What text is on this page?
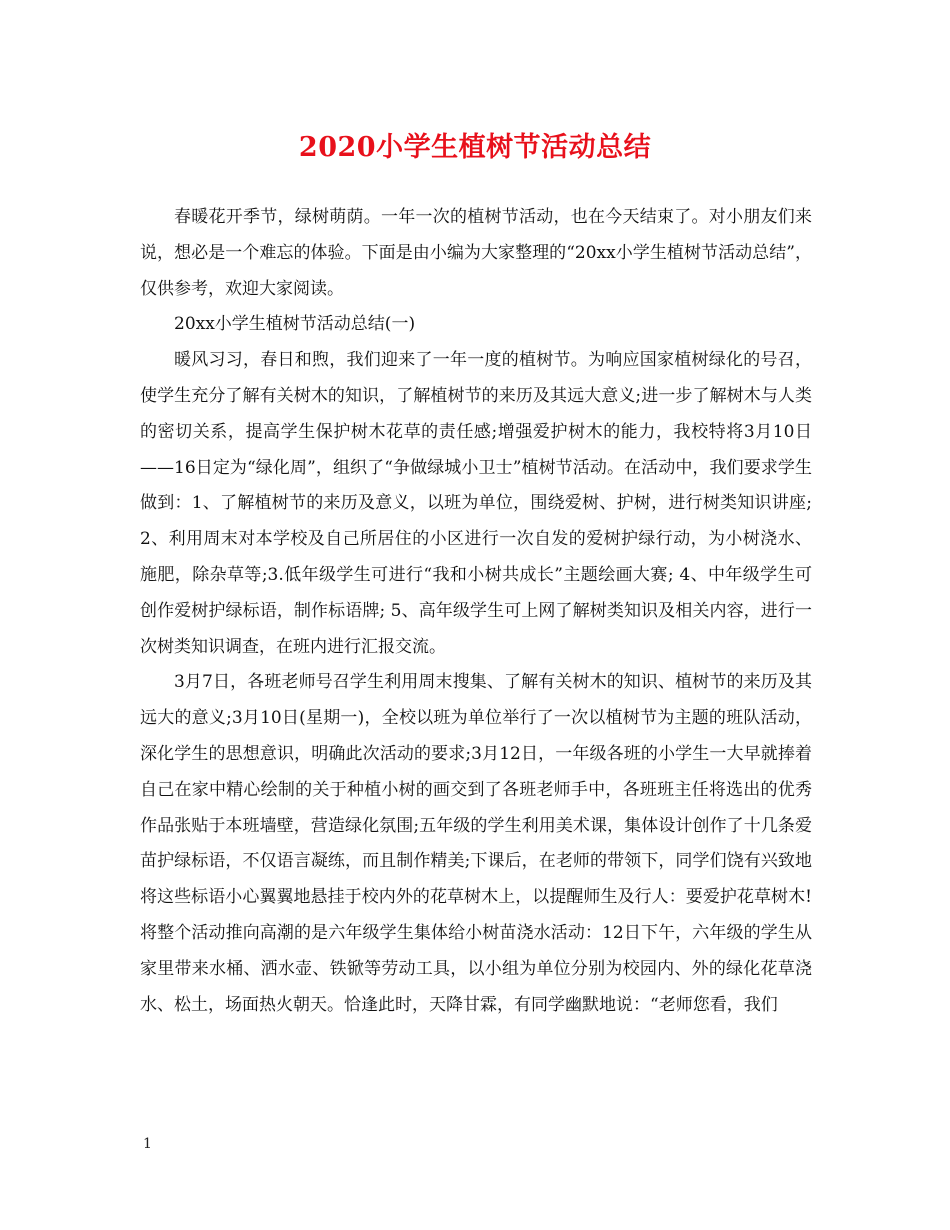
2020小学生植树节活动总结

春暖花开季节，绿树萌荫。一年一次的植树节活动，也在今天结束了。对小朋友们来说，想必是一个难忘的体验。下面是由小编为大家整理的“20xx小学生植树节活动总结”，仅供参考，欢迎大家阅读。

20xx小学生植树节活动总结(一)

暖风习习，春日和煦，我们迎来了一年一度的植树节。为响应国家植树绿化的号召，使学生充分了解有关树木的知识，了解植树节的来历及其远大意义;进一步了解树木与人类的密切关系，提高学生保护树木花草的责任感;增强爱护树木的能力，我校特将3月10日——16日定为“绿化周”，组织了“争做绿城小卫士”植树节活动。在活动中，我们要求学生做到：1、了解植树节的来历及意义，以班为单位，围绕爱树、护树，进行树类知识讲座;2、利用周末对本学校及自己所居住的小区进行一次自发的爱树护绿行动，为小树浇水、施肥，除杂草等;3.低年级学生可进行“我和小树共成长”主题绘画大赛; 4、中年级学生可创作爱树护绿标语，制作标语牌; 5、高年级学生可上网了解树类知识及相关内容，进行一次树类知识调查，在班内进行汇报交流。

3月7日，各班老师号召学生利用周末搜集、了解有关树木的知识、植树节的来历及其远大的意义;3月10日(星期一)，全校以班为单位举行了一次以植树节为主题的班队活动，深化学生的思想意识，明确此次活动的要求;3月12日，一年级各班的小学生一大早就捧着自己在家中精心绘制的关于种植小树的画交到了各班老师手中，各班班主任将选出的优秀作品张贴于本班墙壁，营造绿化氛围;五年级的学生利用美术课，集体设计创作了十几条爱苗护绿标语，不仅语言凝练，而且制作精美;下课后，在老师的带领下，同学们饶有兴致地将这些标语小心翼翼地悬挂于校内外的花草树木上，以提醒师生及行人：要爱护花草树木!将整个活动推向高潮的是六年级学生集体给小树苗浇水活动：12日下午，六年级的学生从家里带来水桶、洒水壶、铁锨等劳动工具，以小组为单位分别为校园内、外的绿化花草浇水、松土，场面热火朝天。恰逢此时，天降甘霖，有同学幽默地说：“老师您看，我们

1
